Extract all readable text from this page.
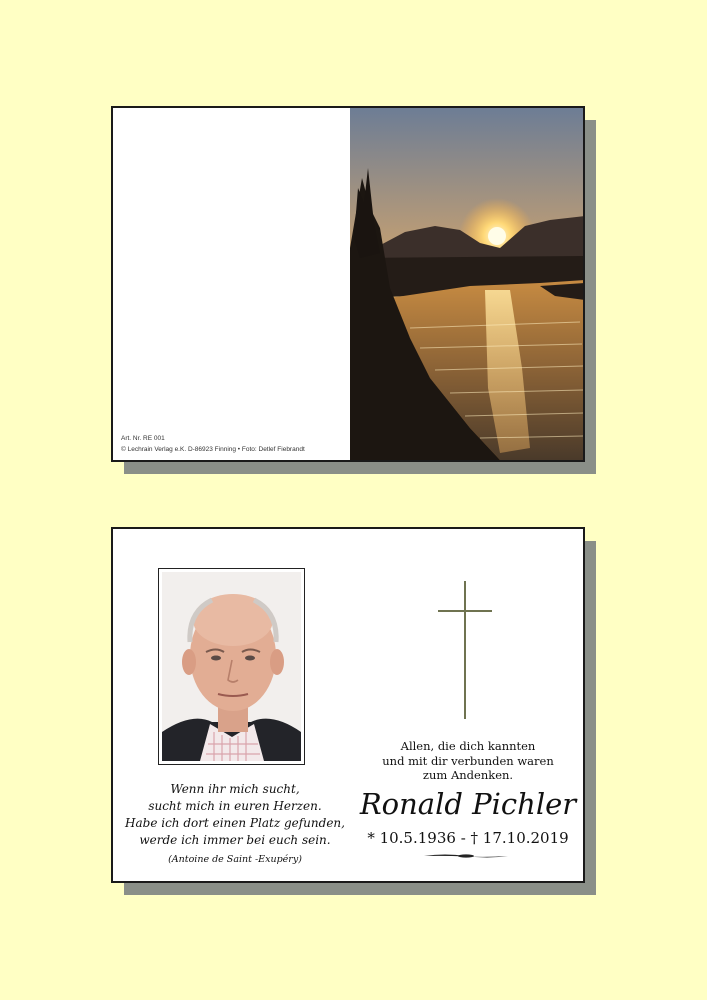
Art. Nr. RE 001
© Lechrain Verlag e.K. D-86923 Finning • Foto: Detlef Fiebrandt
Wenn ihr mich sucht,
sucht mich in euren Herzen.
Habe ich dort einen Platz gefunden,
werde ich immer bei euch sein.
(Antoine de Saint -Exupéry)
Allen, die dich kannten
und mit dir verbunden waren
zum Andenken.
Ronald Pichler
* 10.5.1936 - † 17.10.2019
